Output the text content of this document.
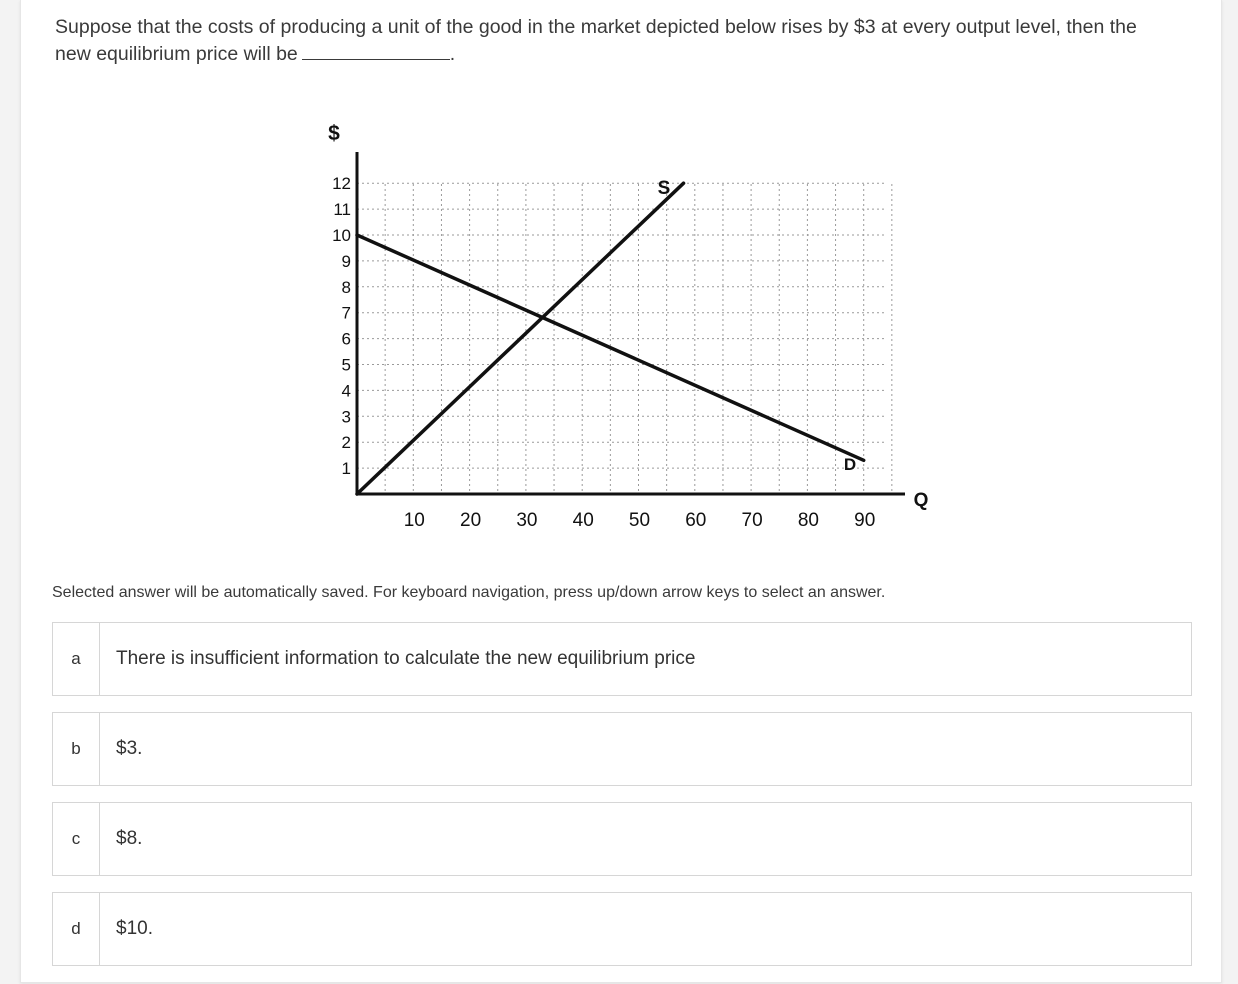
Suppose that the costs of producing a unit of the good in the market depicted below rises by $3 at every output level, then the new equilibrium price will be	.
12
11
10
9
8
7
6
5
4
3
2
1
10 20 30 40 50 60 70 80 90
$
Q
S
D
Selected answer will be automatically saved. For keyboard navigation, press up/down arrow keys to select an answer.
a	There is insufficient information to calculate the new equilibrium price
b	$3.
c	$8.
d	$10.
